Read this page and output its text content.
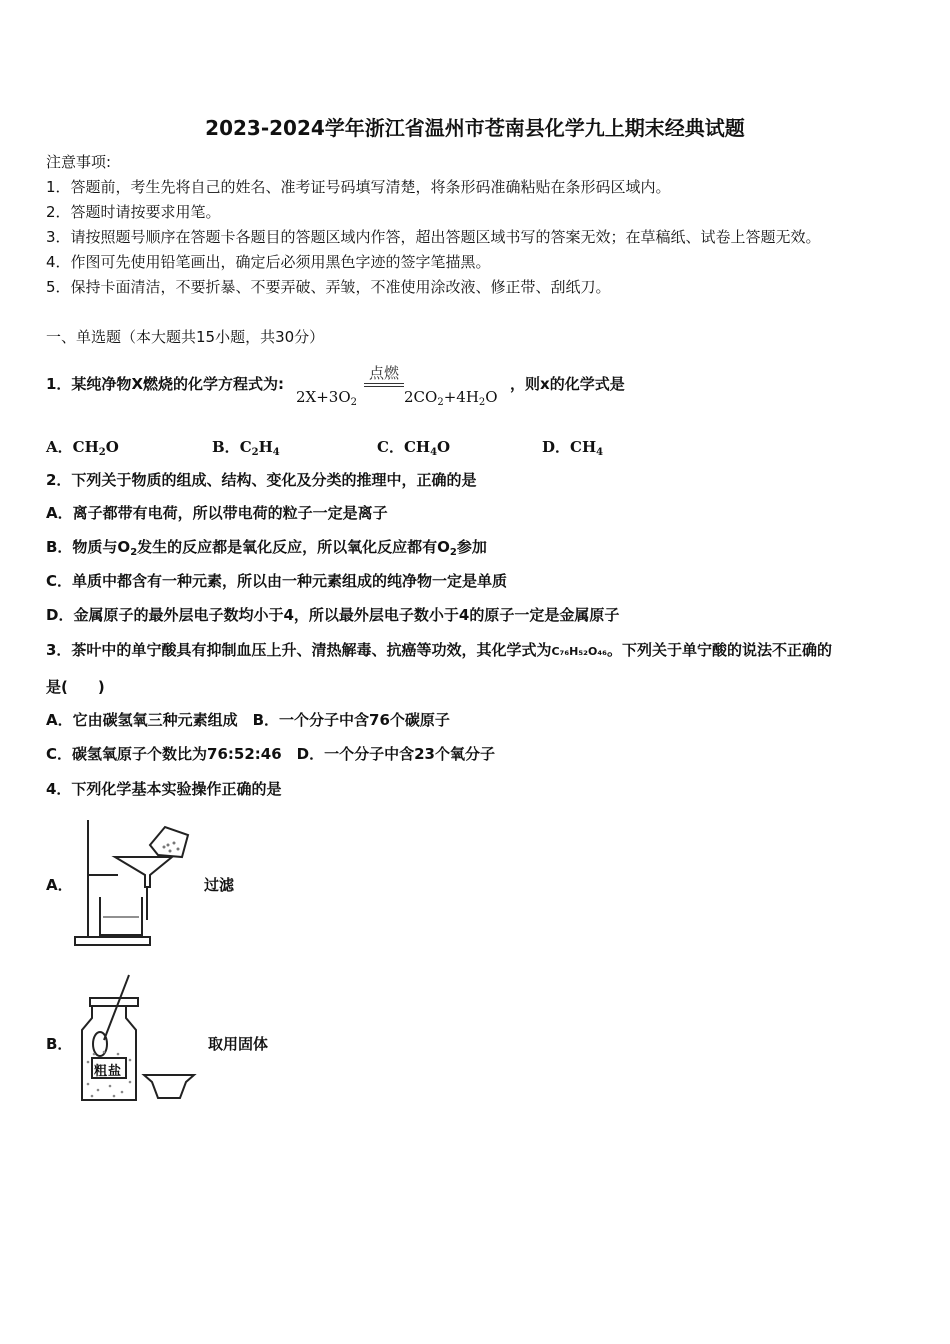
2023-2024学年浙江省温州市苍南县化学九上期末经典试题
注意事项:
1．答题前，考生先将自己的姓名、准考证号码填写清楚，将条形码准确粘贴在条形码区域内。
2．答题时请按要求用笔。
3．请按照题号顺序在答题卡各题目的答题区域内作答，超出答题区域书写的答案无效；在草稿纸、试卷上答题无效。
4．作图可先使用铅笔画出，确定后必须用黑色字迹的签字笔描黑。
5．保持卡面清洁，不要折暴、不要弄破、弄皱，不准使用涂改液、修正带、刮纸刀。
一、单选题（本大题共15小题，共30分）
1．某纯净物X燃烧的化学方程式为:
$2X+3O_2$
点燃
$2CO_2+4H_2O$
，则x的化学式是
A．$CH_2O$	B．$C_2H_4$	C．$CH_4O$	D．$CH_4$
2．下列关于物质的组成、结构、变化及分类的推理中，正确的是
A．离子都带有电荷，所以带电荷的粒子一定是离子
B．物质与$O_2$发生的反应都是氧化反应，所以氧化反应都有$O_2$参加
C．单质中都含有一种元素，所以由一种元素组成的纯净物一定是单质
D．金属原子的最外层电子数均小于4，所以最外层电子数小于4的原子一定是金属原子
3．茶叶中的单宁酸具有抑制血压上升、清热解毒、抗癌等功效，其化学式为C₇₆H₅₂O₄₆。下列关于单宁酸的说法不正确的
是(　　)
A．它由碳氢氧三种元素组成　B．一个分子中含76个碳原子
C．碳氢氧原子个数比为76:52:46　D．一个分子中含23个氧分子
4．下列化学基本实验操作正确的是
A．	过滤
B．
粗盐
取用固体
